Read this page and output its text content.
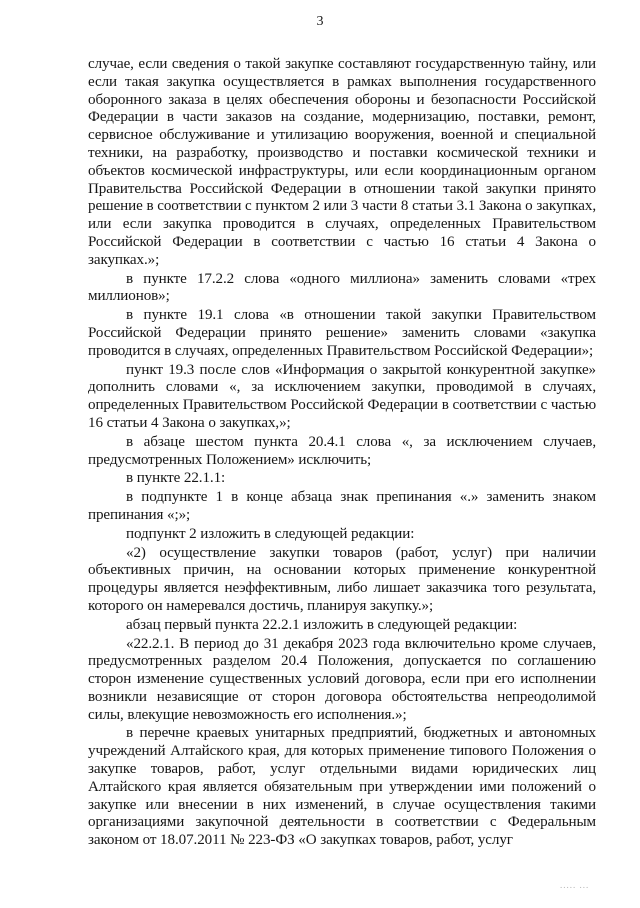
3

случае, если сведения о такой закупке составляют государственную тайну, или если такая закупка осуществляется в рамках выполнения государственного оборонного заказа в целях обеспечения обороны и безопасности Российской Федерации в части заказов на создание, модернизацию, поставки, ремонт, сервисное обслуживание и утилизацию вооружения, военной и специальной техники, на разработку, производство и поставки космической техники и объектов космической инфраструктуры, или если координационным органом Правительства Российской Федерации в отношении такой закупки принято решение в соответствии с пунктом 2 или 3 части 8 статьи 3.1 Закона о закупках, или если закупка проводится в случаях, определенных Правительством Российской Федерации в соответствии с частью 16 статьи 4 Закона о закупках.»;

в пункте 17.2.2 слова «одного миллиона» заменить словами «трех миллионов»;

в пункте 19.1 слова «в отношении такой закупки Правительством Российской Федерации принято решение» заменить словами «закупка проводится в случаях, определенных Правительством Российской Федерации»;

пункт 19.3 после слов «Информация о закрытой конкурентной закупке» дополнить словами «, за исключением закупки, проводимой в случаях, определенных Правительством Российской Федерации в соответствии с частью 16 статьи 4 Закона о закупках,»;

в абзаце шестом пункта 20.4.1 слова «, за исключением случаев, предусмотренных Положением» исключить;

в пункте 22.1.1:

в подпункте 1 в конце абзаца знак препинания «.» заменить знаком препинания «;»;

подпункт 2 изложить в следующей редакции:

«2) осуществление закупки товаров (работ, услуг) при наличии объективных причин, на основании которых применение конкурентной процедуры является неэффективным, либо лишает заказчика того результата, которого он намеревался достичь, планируя закупку.»;

абзац первый пункта 22.2.1 изложить в следующей редакции:

«22.2.1. В период до 31 декабря 2023 года включительно кроме случаев, предусмотренных разделом 20.4 Положения, допускается по соглашению сторон изменение существенных условий договора, если при его исполнении возникли независящие от сторон договора обстоятельства непреодолимой силы, влекущие невозможность его исполнения.»;

в перечне краевых унитарных предприятий, бюджетных и автономных учреждений Алтайского края, для которых применение типового Положения о закупке товаров, работ, услуг отдельными видами юридических лиц Алтайского края является обязательным при утверждении ими положений о закупке или внесении в них изменений, в случае осуществления такими организациями закупочной деятельности в соответствии с Федеральным законом от 18.07.2011 № 223-ФЗ «О закупках товаров, работ, услуг

..... ...
